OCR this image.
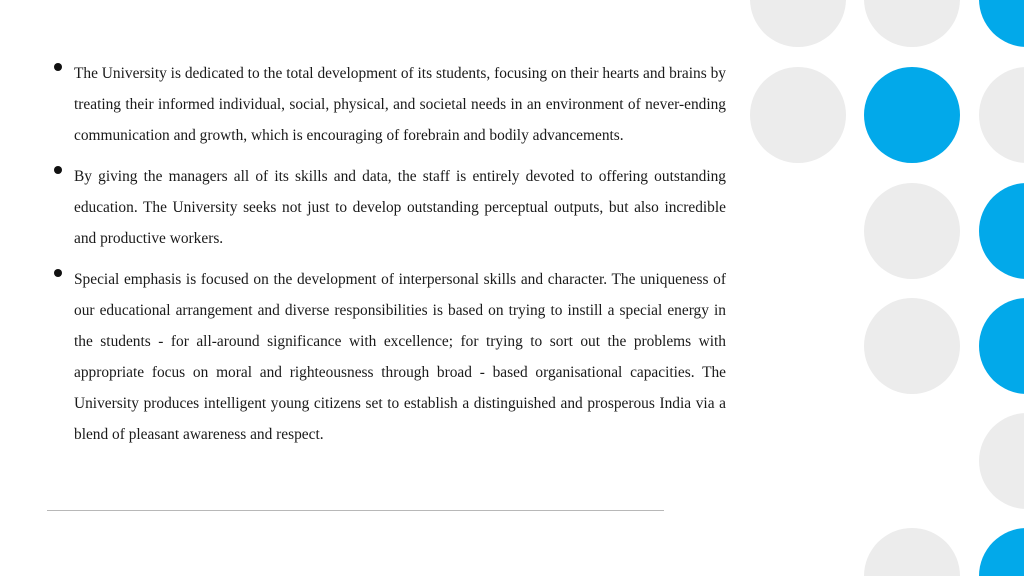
The University is dedicated to the total development of its students, focusing on their hearts and brains by treating their informed individual, social, physical, and societal needs in an environment of never-ending communication and growth, which is encouraging of forebrain and bodily advancements.
By giving the managers all of its skills and data, the staff is entirely devoted to offering outstanding education. The University seeks not just to develop outstanding perceptual outputs, but also incredible and productive workers.
Special emphasis is focused on the development of interpersonal skills and character. The uniqueness of our educational arrangement and diverse responsibilities is based on trying to instill a special energy in the students - for all-around significance with excellence; for trying to sort out the problems with appropriate focus on moral and righteousness through broad - based organisational capacities. The University produces intelligent young citizens set to establish a distinguished and prosperous India via a blend of pleasant awareness and respect.
